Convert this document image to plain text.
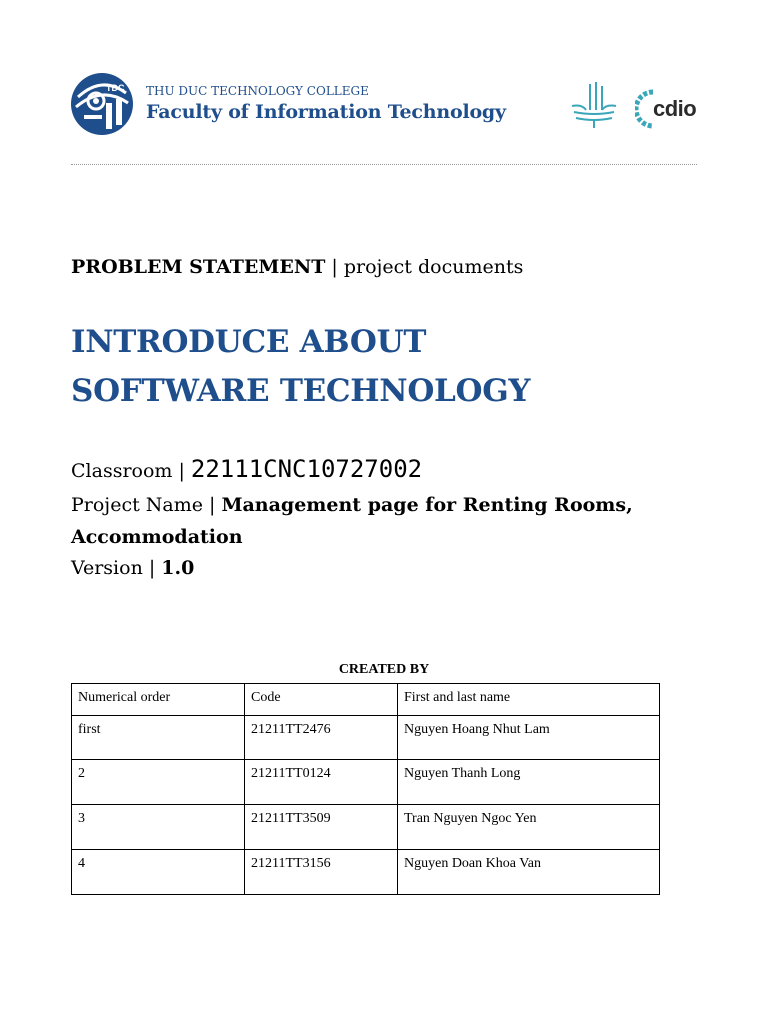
TDC THU DUC TECHNOLOGY COLLEGE
Faculty of Information Technology	cdio
PROBLEM STATEMENT | project documents
INTRODUCE ABOUT
SOFTWARE TECHNOLOGY
Classroom | 22111CNC10727002
Project Name | Management page for Renting Rooms,
Accommodation
Version | 1.0
CREATED BY
Numerical order	Code	First and last name
first	21211TT2476	Nguyen Hoang Nhut Lam
2	21211TT0124	Nguyen Thanh Long
3	21211TT3509	Tran Nguyen Ngoc Yen
4	21211TT3156	Nguyen Doan Khoa Van
